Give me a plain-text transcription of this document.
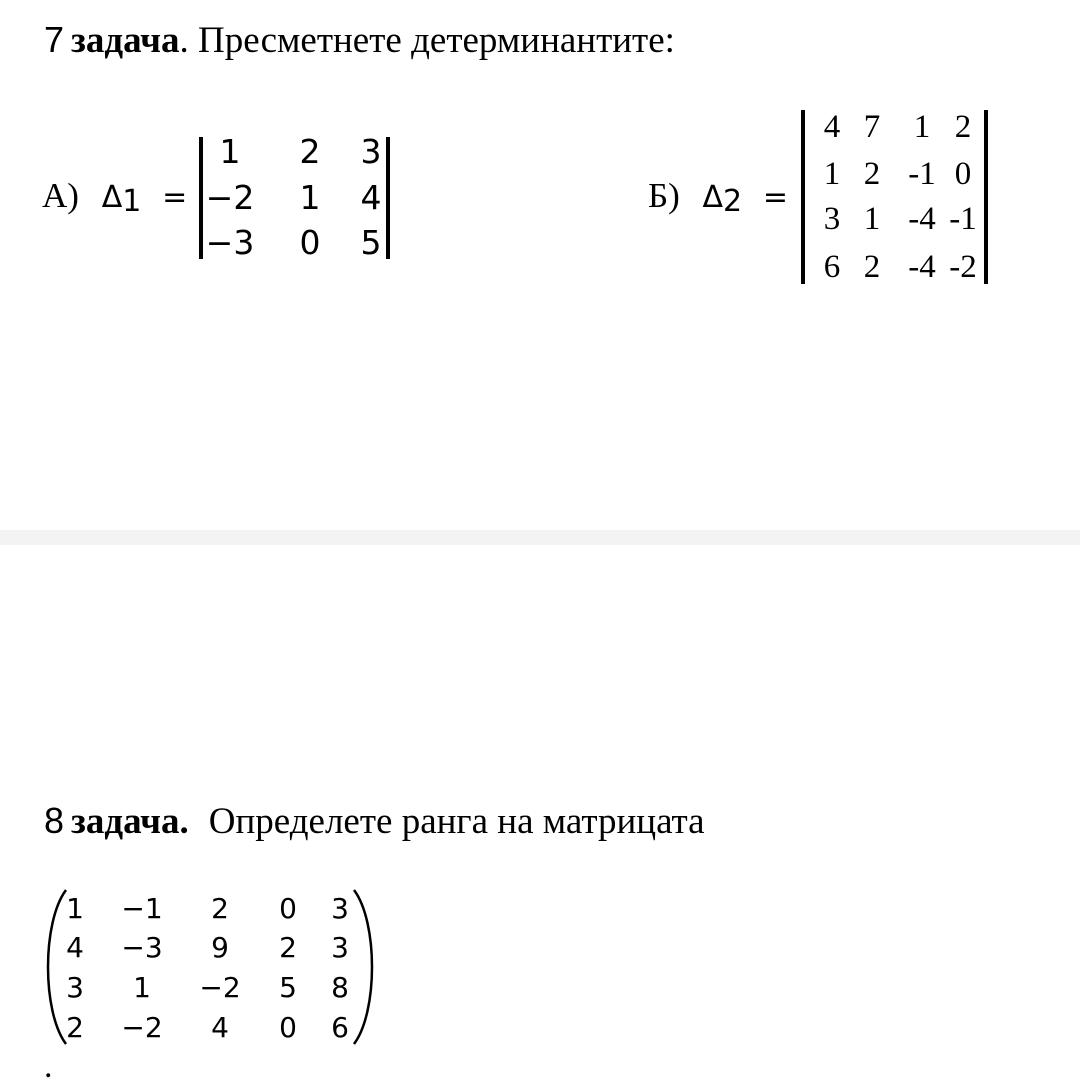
7 задача. Пресметнете детерминантите:
А) $\Delta_1$ =
1	2	3
−2	1	4
−3	0	5
Б) $\Delta_2$ =
4 7	1 2
1 2 -1 0
3 1 -4 -1
6 2 -4 -2
8 задача. Определете ранга на матрицата
1	−1	2	0	3
4	−3	9	2	3
3	1	−2	5	8
2	−2	4	0	6
.
